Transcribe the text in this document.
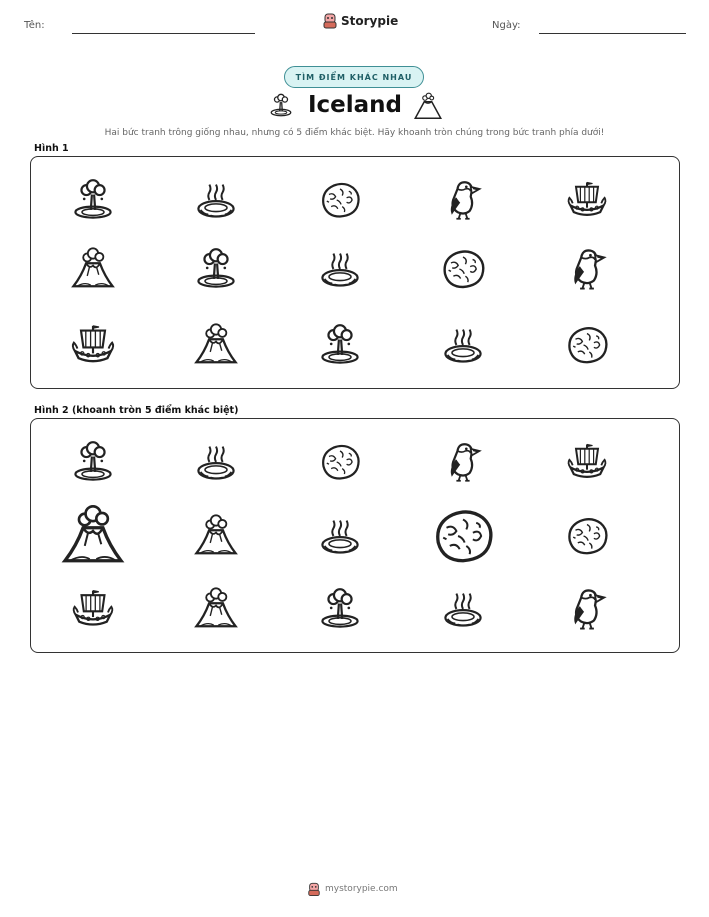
Tên:	Storypie	Ngày:
TÌM ĐIỂM KHÁC NHAU
Iceland
Hai bức tranh trông giống nhau, nhưng có 5 điểm khác biệt. Hãy khoanh tròn chúng trong bức tranh phía dưới!
Hình 1
Hình 2 (khoanh tròn 5 điểm khác biệt)
mystorypie.com
